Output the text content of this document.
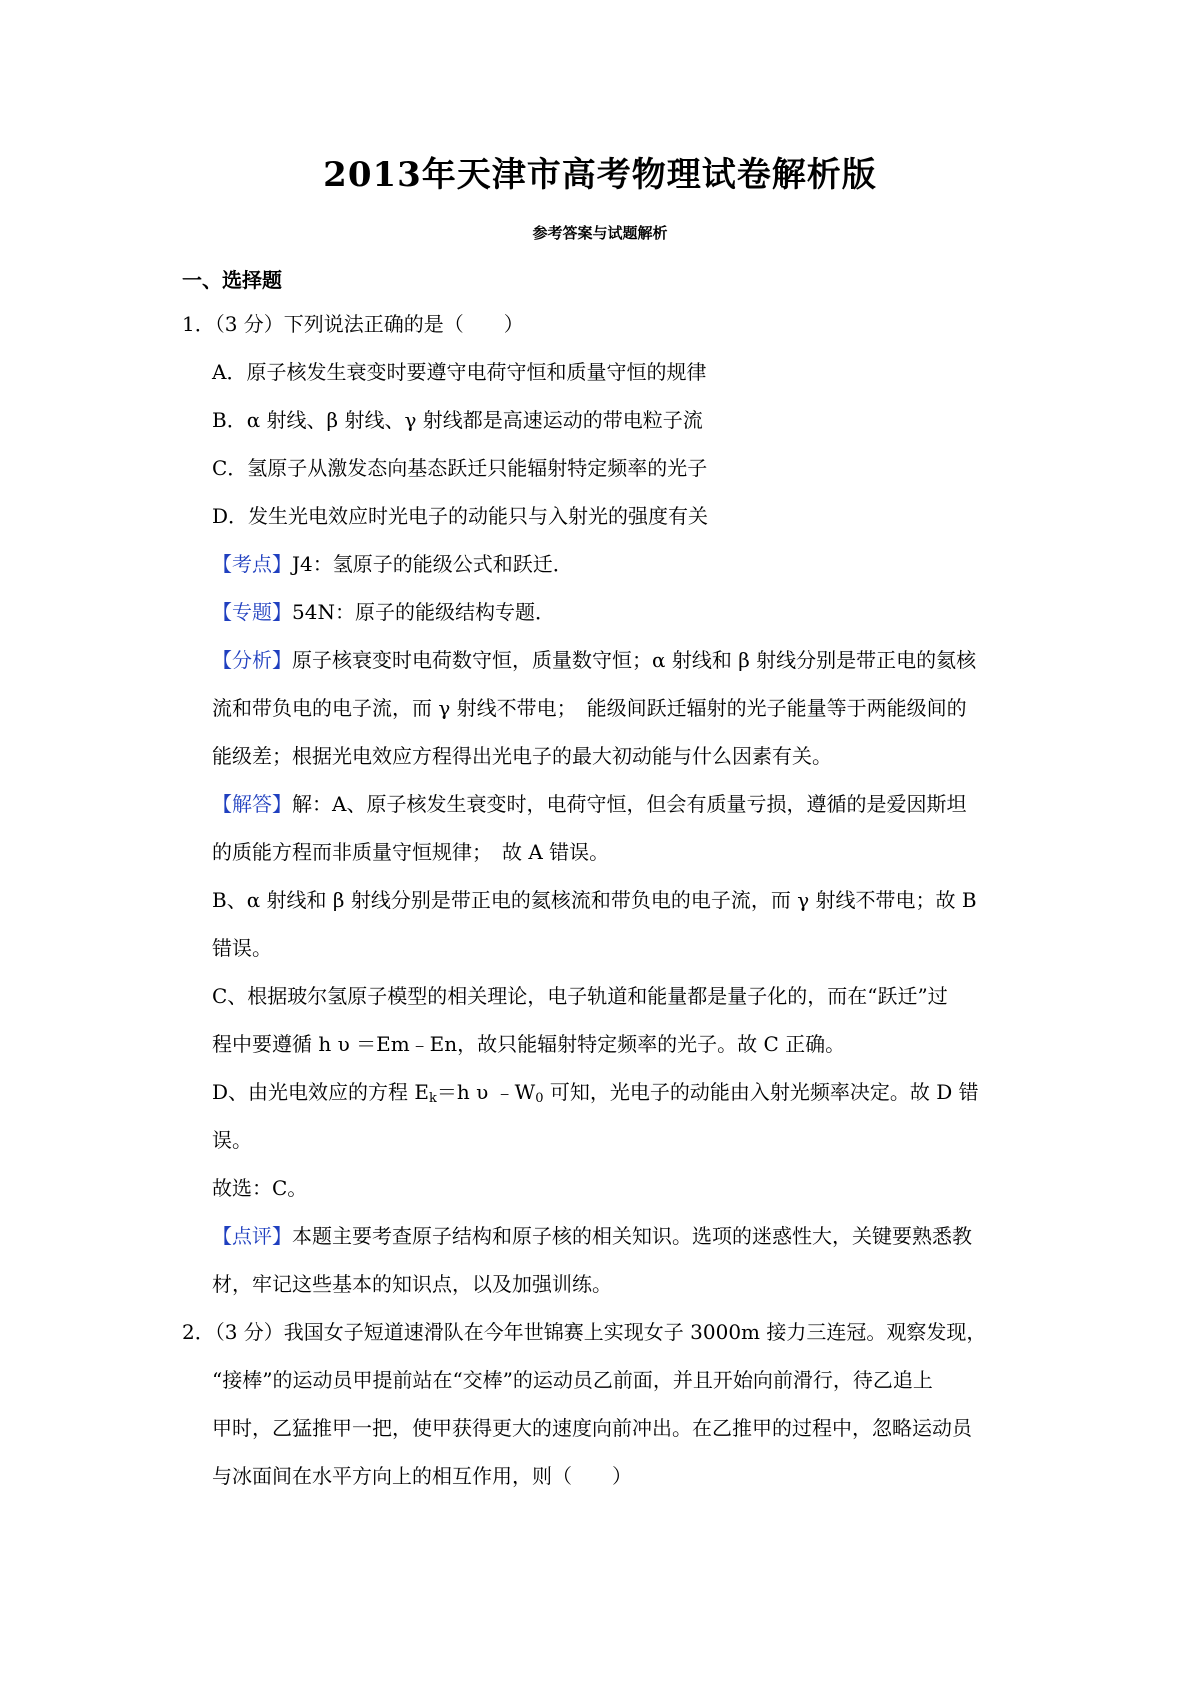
2013年天津市高考物理试卷解析版
参考答案与试题解析
一、选择题
1．（3 分）下列说法正确的是（　　）
A．原子核发生衰变时要遵守电荷守恒和质量守恒的规律
B．α 射线、β 射线、γ 射线都是高速运动的带电粒子流
C．氢原子从激发态向基态跃迁只能辐射特定频率的光子
D．发生光电效应时光电子的动能只与入射光的强度有关
【考点】J4：氢原子的能级公式和跃迁．
【专题】54N：原子的能级结构专题．
【分析】原子核衰变时电荷数守恒，质量数守恒；α 射线和 β 射线分别是带正电的氦核
流和带负电的电子流，而 γ 射线不带电；　能级间跃迁辐射的光子能量等于两能级间的
能级差；根据光电效应方程得出光电子的最大初动能与什么因素有关。
【解答】解：A、原子核发生衰变时，电荷守恒，但会有质量亏损，遵循的是爱因斯坦
的质能方程而非质量守恒规律；　故 A 错误。
B、α 射线和 β 射线分别是带正电的氦核流和带负电的电子流，而 γ 射线不带电；故 B
错误。
C、根据玻尔氢原子模型的相关理论，电子轨道和能量都是量子化的，而在“跃迁”过
程中要遵循 h υ ＝Em﹣En，故只能辐射特定频率的光子。故 C 正确。
D、由光电效应的方程 $E_k=h$ υ $﹣W_0$ 可知，光电子的动能由入射光频率决定。故 D 错
误。
故选：C。
【点评】本题主要考查原子结构和原子核的相关知识。选项的迷惑性大，关键要熟悉教
材，牢记这些基本的知识点，以及加强训练。
2．（3 分）我国女子短道速滑队在今年世锦赛上实现女子 3000m 接力三连冠。观察发现，
“接棒”的运动员甲提前站在“交棒”的运动员乙前面，并且开始向前滑行，待乙追上
甲时，乙猛推甲一把，使甲获得更大的速度向前冲出。在乙推甲的过程中，忽略运动员
与冰面间在水平方向上的相互作用，则（　　）
